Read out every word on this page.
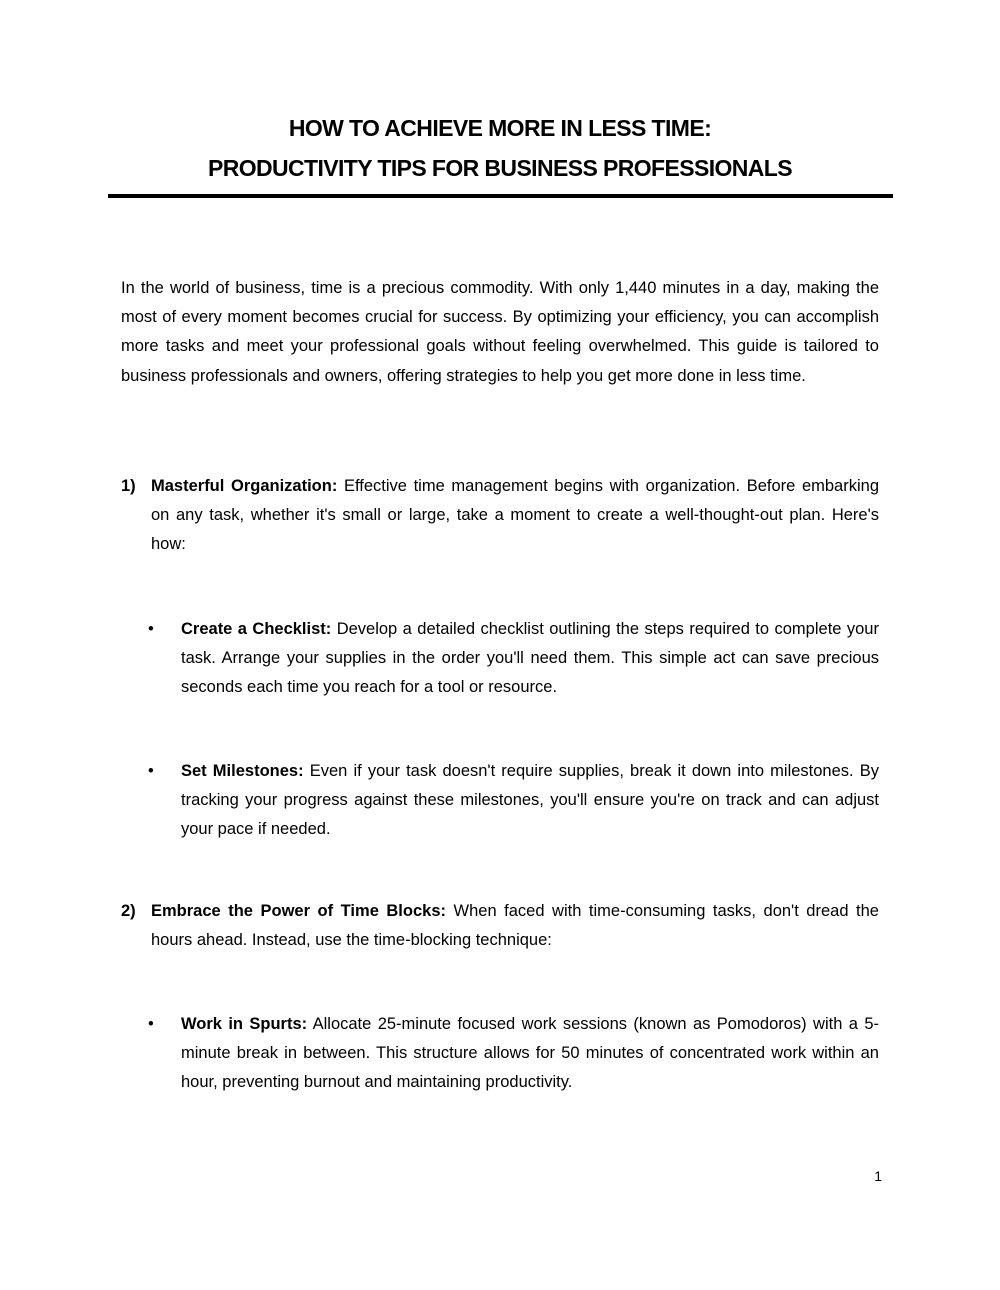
HOW TO ACHIEVE MORE IN LESS TIME:

PRODUCTIVITY TIPS FOR BUSINESS PROFESSIONALS

In the world of business, time is a precious commodity. With only 1,440 minutes in a day, making the most of every moment becomes crucial for success. By optimizing your efficiency, you can accomplish more tasks and meet your professional goals without feeling overwhelmed. This guide is tailored to business professionals and owners, offering strategies to help you get more done in less time.

1) Masterful Organization: Effective time management begins with organization. Before embarking on any task, whether it's small or large, take a moment to create a well-thought-out plan. Here's how:

• Create a Checklist: Develop a detailed checklist outlining the steps required to complete your task. Arrange your supplies in the order you'll need them. This simple act can save precious seconds each time you reach for a tool or resource.

• Set Milestones: Even if your task doesn't require supplies, break it down into milestones. By tracking your progress against these milestones, you'll ensure you're on track and can adjust your pace if needed.

2) Embrace the Power of Time Blocks: When faced with time-consuming tasks, don't dread the hours ahead. Instead, use the time-blocking technique:

• Work in Spurts: Allocate 25-minute focused work sessions (known as Pomodoros) with a 5-minute break in between. This structure allows for 50 minutes of concentrated work within an hour, preventing burnout and maintaining productivity.

1
